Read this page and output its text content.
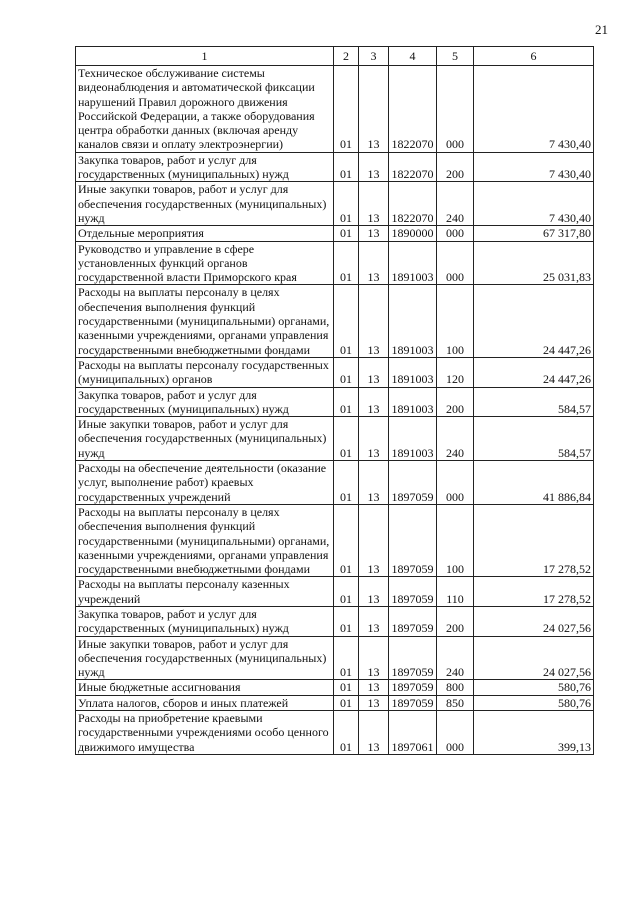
21
1	2	3	4	5	6
Техническое обслуживание системы видеонаблюдения и автоматической фиксации нарушений Правил дорожного движения Российской Федерации, а также оборудования центра обработки данных (включая аренду каналов связи и оплату электроэнергии)	01	13	1822070	000	7 430,40
Закупка товаров, работ и услуг для государственных (муниципальных) нужд	01	13	1822070	200	7 430,40
Иные закупки товаров, работ и услуг для обеспечения государственных (муниципальных) нужд	01	13	1822070	240	7 430,40
Отдельные мероприятия	01	13	1890000	000	67 317,80
Руководство и управление в сфере установленных функций органов государственной власти Приморского края	01	13	1891003	000	25 031,83
Расходы на выплаты персоналу в целях обеспечения выполнения функций государственными (муниципальными) органами, казенными учреждениями, органами управления государственными внебюджетными фондами	01	13	1891003	100	24 447,26
Расходы на выплаты персоналу государственных (муниципальных) органов	01	13	1891003	120	24 447,26
Закупка товаров, работ и услуг для государственных (муниципальных) нужд	01	13	1891003	200	584,57
Иные закупки товаров, работ и услуг для обеспечения государственных (муниципальных) нужд	01	13	1891003	240	584,57
Расходы на обеспечение деятельности (оказание услуг, выполнение работ) краевых государственных учреждений	01	13	1897059	000	41 886,84
Расходы на выплаты персоналу в целях обеспечения выполнения функций государственными (муниципальными) органами, казенными учреждениями, органами управления государственными внебюджетными фондами	01	13	1897059	100	17 278,52
Расходы на выплаты персоналу казенных учреждений	01	13	1897059	110	17 278,52
Закупка товаров, работ и услуг для государственных (муниципальных) нужд	01	13	1897059	200	24 027,56
Иные закупки товаров, работ и услуг для обеспечения государственных (муниципальных) нужд	01	13	1897059	240	24 027,56
Иные бюджетные ассигнования	01	13	1897059	800	580,76
Уплата налогов, сборов и иных платежей	01	13	1897059	850	580,76
Расходы на приобретение краевыми государственными учреждениями особо ценного движимого имущества	01	13	1897061	000	399,13
